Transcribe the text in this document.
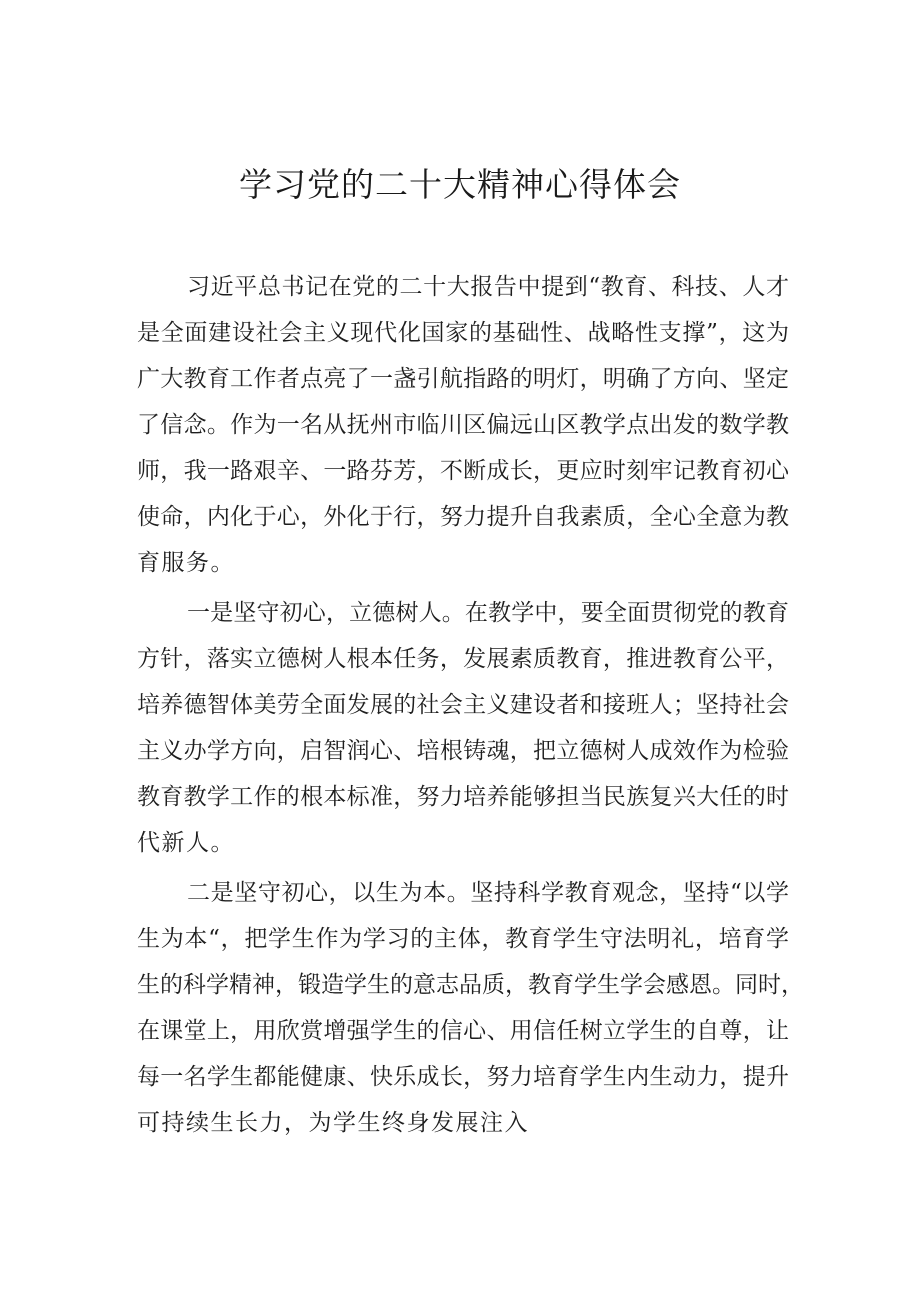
学习党的二十大精神心得体会
习近平总书记在党的二十大报告中提到“教育、科技、人才
是全面建设社会主义现代化国家的基础性、战略性支撑”，这为
广大教育工作者点亮了一盏引航指路的明灯，明确了方向、坚定
了信念。作为一名从抚州市临川区偏远山区教学点出发的数学教
师，我一路艰辛、一路芬芳，不断成长，更应时刻牢记教育初心
使命，内化于心，外化于行，努力提升自我素质，全心全意为教
育服务。
一是坚守初心，立德树人。在教学中，要全面贯彻党的教育
方针，落实立德树人根本任务，发展素质教育，推进教育公平，
培养德智体美劳全面发展的社会主义建设者和接班人；坚持社会
主义办学方向，启智润心、培根铸魂，把立德树人成效作为检验
教育教学工作的根本标准，努力培养能够担当民族复兴大任的时
代新人。
二是坚守初心，以生为本。坚持科学教育观念，坚持“以学
生为本“，把学生作为学习的主体，教育学生守法明礼，培育学
生的科学精神，锻造学生的意志品质，教育学生学会感恩。同时，
在课堂上，用欣赏增强学生的信心、用信任树立学生的自尊，让
每一名学生都能健康、快乐成长，努力培育学生内生动力，提升
可持续生长力，为学生终身发展注入
